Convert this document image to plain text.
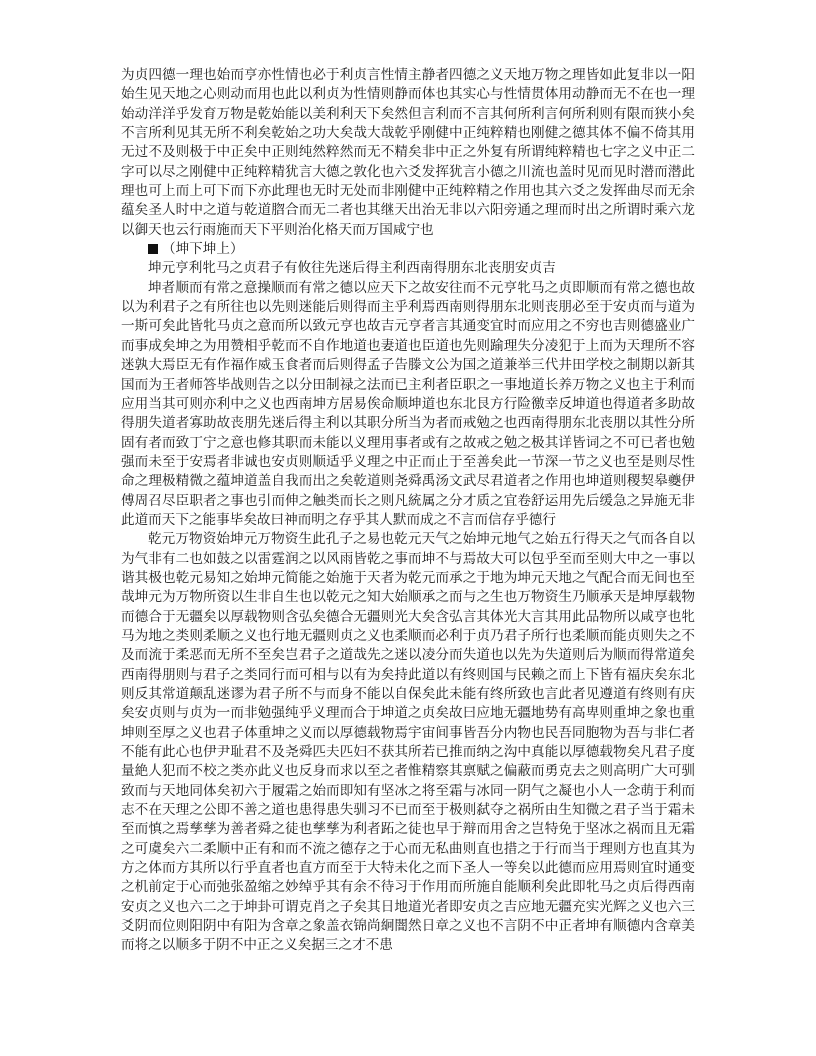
为贞四德一理也始而亨亦性情也必于利贞言性情主静者四德之义天地万物之理皆如此复非以一阳始生见天地之心则动而用也此以利贞为性情则静而体也其实心与性情贯体用动静而无不在也一理始动洋洋乎发育万物是乾始能以美利利天下矣然但言利而不言其何所利言何所利则有限而狭小矣不言所利见其无所不利矣乾始之功大矣哉大哉乾乎刚健中正纯粹精也刚健之德其体不偏不倚其用无过不及则极于中正矣中正则纯然粹然而无不精矣非中正之外复有所谓纯粹精也七字之义中正二字可以尽之刚健中正纯粹精犹言大德之敦化也六爻发挥犹言小德之川流也盖时见而见时潜而潜此理也可上而上可下而下亦此理也无时无处而非刚健中正纯粹精之作用也其六爻之发挥曲尽而无余蕴矣圣人时中之道与乾道脗合而无二者也其继天出治无非以六阳旁通之理而时出之所谓时乘六龙以御天也云行雨施而天下平则治化格天而万国咸宁也

（坤下坤上）

坤元亨利牝马之贞君子有攸往先迷后得主利西南得朋东北丧朋安贞吉

坤者顺而有常之意操顺而有常之德以应天下之故安往而不元亨牝马之贞即顺而有常之德也故以为利君子之有所往也以先则迷能后则得而主乎利焉西南则得朋东北则丧朋必至于安贞而与道为一斯可矣此皆牝马贞之意而所以致元亨也故吉元亨者言其通变宜时而应用之不穷也吉则德盛业广而事成矣坤之为用赞相乎乾而不自作地道也妻道也臣道也先则踰理失分凌犯于上而为天理所不容迷孰大焉臣无有作福作威玉食者而后则得孟子告滕文公为国之道兼举三代井田学校之制期以新其国而为王者师答毕战则告之以分田制禄之法而已主利者臣职之一事地道长养万物之义也主于利而应用当其可则亦利中之义也西南坤方居易俟命顺坤道也东北艮方行险徼幸反坤道也得道者多助故得朋失道者寡助故丧朋先迷后得主利以其职分所当为者而戒勉之也西南得朋东北丧朋以其性分所固有者而致丁宁之意也修其职而未能以义理用事者或有之故戒之勉之极其详皆词之不可已者也勉强而未至于安焉者非诚也安贞则顺适乎义理之中正而止于至善矣此一节深一节之义也至是则尽性命之理极精微之蕴坤道盖自我而出之矣乾道则尧舜禹汤文武尽君道者之作用也坤道则稷契皋夔伊傅周召尽臣职者之事也引而伸之触类而长之则凡統属之分才质之宜卷舒运用先后缓急之异施无非此道而天下之能事毕矣故曰神而明之存乎其人默而成之不言而信存乎德行

乾元万物资始坤元万物资生此孔子之易也乾元天气之始坤元地气之始五行得天之气而各自以为气非有二也如鼓之以雷霆润之以风雨皆乾之事而坤不与焉故大可以包乎至而至则大中之一事以谐其极也乾元易知之始坤元简能之始施于天者为乾元而承之于地为坤元天地之气配合而无间也至哉坤元为万物所资以生非自生也以乾元之知大始顺承之而与之生也万物资生乃顺承天是坤厚载物而德合于无疆矣以厚载物则含弘矣德合无疆则光大矣含弘言其体光大言其用此品物所以咸亨也牝马为地之类则柔顺之义也行地无疆则贞之义也柔顺而必利于贞乃君子所行也柔顺而能贞则失之不及而流于柔恶而无所不至矣岂君子之道哉先之迷以凌分而失道也以先为失道则后为顺而得常道矣西南得朋则与君子之类同行而可相与以有为矣持此道以有终则国与民赖之而上下皆有福庆矣东北则反其常道颠乱迷谬为君子所不与而身不能以自保矣此未能有终所致也言此者见遵道有终则有庆矣安贞则与贞为一而非勉强纯乎义理而合于坤道之贞矣故曰应地无疆地势有高卑则重坤之象也重坤则至厚之义也君子体重坤之义而以厚德载物焉宇宙间事皆吾分内物也民吾同胞物为吾与非仁者不能有此心也伊尹耻君不及尧舜匹夫匹妇不获其所若已推而纳之沟中真能以厚德载物矣凡君子度量絶人犯而不校之类亦此义也反身而求以至之者惟精察其禀赋之偏蔽而勇克去之则高明广大可驯致而与天地同体矣初六于履霜之始而即知有坚冰之将至霜与冰同一阴气之凝也小人一念萌于利而志不在天理之公即不善之道也患得患失驯习不已而至于极则弑夺之祸所由生知微之君子当于霜未至而慎之焉孳孳为善者舜之徒也孳孳为利者跖之徒也早于辩而用舍之岂特免于坚冰之祸而且无霜之可虞矣六二柔顺中正有和而不流之德存之于心而无私曲则直也措之于行而当于理则方也直其为方之体而方其所以行乎直者也直方而至于大特未化之而下圣人一等矣以此德而应用焉则宜时通变之机前定于心而弛张盈缩之妙绰乎其有余不待习于作用而所施自能顺利矣此即牝马之贞后得西南安贞之义也六二之于坤卦可谓克肖之子矣其日地道光者即安贞之吉应地无疆充实光辉之义也六三爻阴而位则阳阴中有阳为含章之象盖衣锦尚絅闇然日章之义也不言阴不中正者坤有顺德内含章美而将之以顺多于阴不中正之义矣据三之才不患
